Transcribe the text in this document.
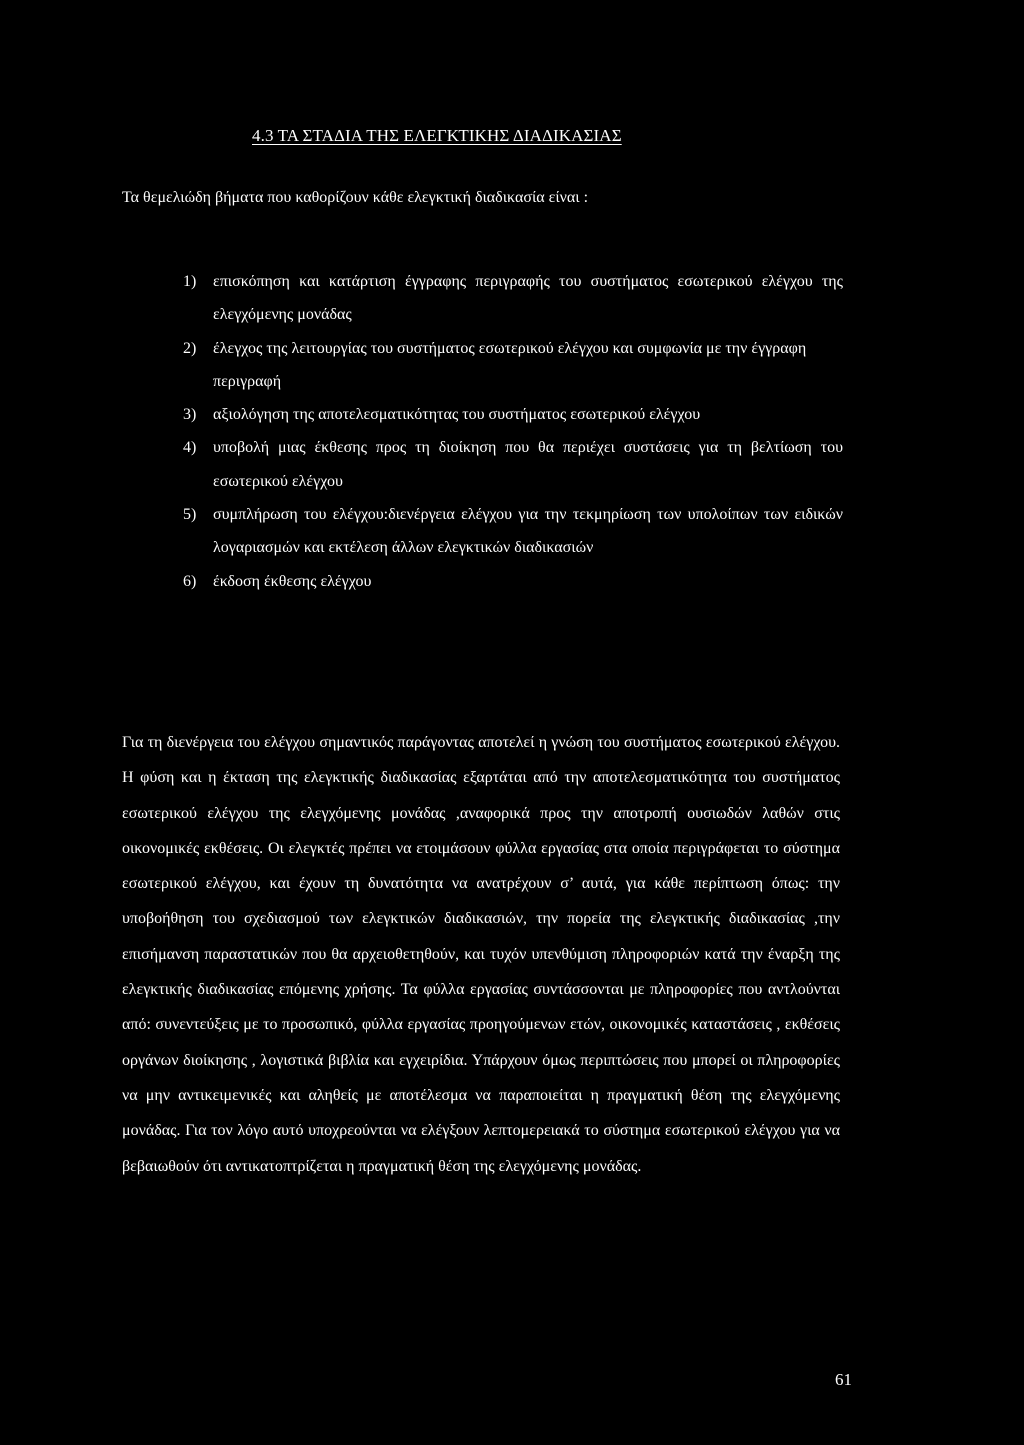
4.3 ΤΑ ΣΤΑΔΙΑ ΤΗΣ ΕΛΕΓΚΤΙΚΗΣ ΔΙΑΔΙΚΑΣΙΑΣ

Τα θεμελιώδη βήματα που καθορίζουν κάθε ελεγκτική διαδικασία είναι :

1)	επισκόπηση και κατάρτιση έγγραφης περιγραφής του συστήματος εσωτερικού ελέγχου της ελεγχόμενης μονάδας
2)	έλεγχος της λειτουργίας του συστήματος εσωτερικού ελέγχου και συμφωνία με την έγγραφη περιγραφή
3)	αξιολόγηση της αποτελεσματικότητας του συστήματος εσωτερικού ελέγχου
4)	υποβολή μιας έκθεσης προς τη διοίκηση που θα περιέχει συστάσεις για τη βελτίωση του εσωτερικού ελέγχου
5)	συμπλήρωση του ελέγχου:διενέργεια ελέγχου για την τεκμηρίωση των υπολοίπων των ειδικών λογαριασμών και εκτέλεση άλλων ελεγκτικών διαδικασιών
6)	έκδοση έκθεσης ελέγχου

Για τη διενέργεια του ελέγχου σημαντικός παράγοντας αποτελεί η γνώση του συστήματος εσωτερικού ελέγχου. Η φύση και η έκταση της ελεγκτικής διαδικασίας εξαρτάται από την αποτελεσματικότητα του συστήματος εσωτερικού ελέγχου της ελεγχόμενης μονάδας ,αναφορικά προς την αποτροπή ουσιωδών λαθών στις οικονομικές εκθέσεις. Οι ελεγκτές πρέπει να ετοιμάσουν φύλλα εργασίας στα οποία περιγράφεται το σύστημα εσωτερικού ελέγχου, και έχουν τη δυνατότητα να ανατρέχουν σ’ αυτά, για κάθε περίπτωση όπως: την υποβοήθηση του σχεδιασμού των ελεγκτικών διαδικασιών, την πορεία της ελεγκτικής διαδικασίας ,την επισήμανση παραστατικών που θα αρχειοθετηθούν, και τυχόν υπενθύμιση πληροφοριών κατά την έναρξη της ελεγκτικής διαδικασίας επόμενης χρήσης. Τα φύλλα εργασίας συντάσσονται με πληροφορίες που αντλούνται από: συνεντεύξεις με το προσωπικό, φύλλα εργασίας προηγούμενων ετών, οικονομικές καταστάσεις , εκθέσεις οργάνων διοίκησης , λογιστικά βιβλία και εγχειρίδια. Υπάρχουν όμως περιπτώσεις που μπορεί οι πληροφορίες να μην αντικειμενικές και αληθείς με αποτέλεσμα να παραποιείται η πραγματική θέση της ελεγχόμενης μονάδας. Για τον λόγο αυτό υποχρεούνται να ελέγξουν λεπτομερειακά το σύστημα εσωτερικού ελέγχου για να βεβαιωθούν ότι αντικατοπτρίζεται η πραγματική θέση της ελεγχόμενης μονάδας.

61
